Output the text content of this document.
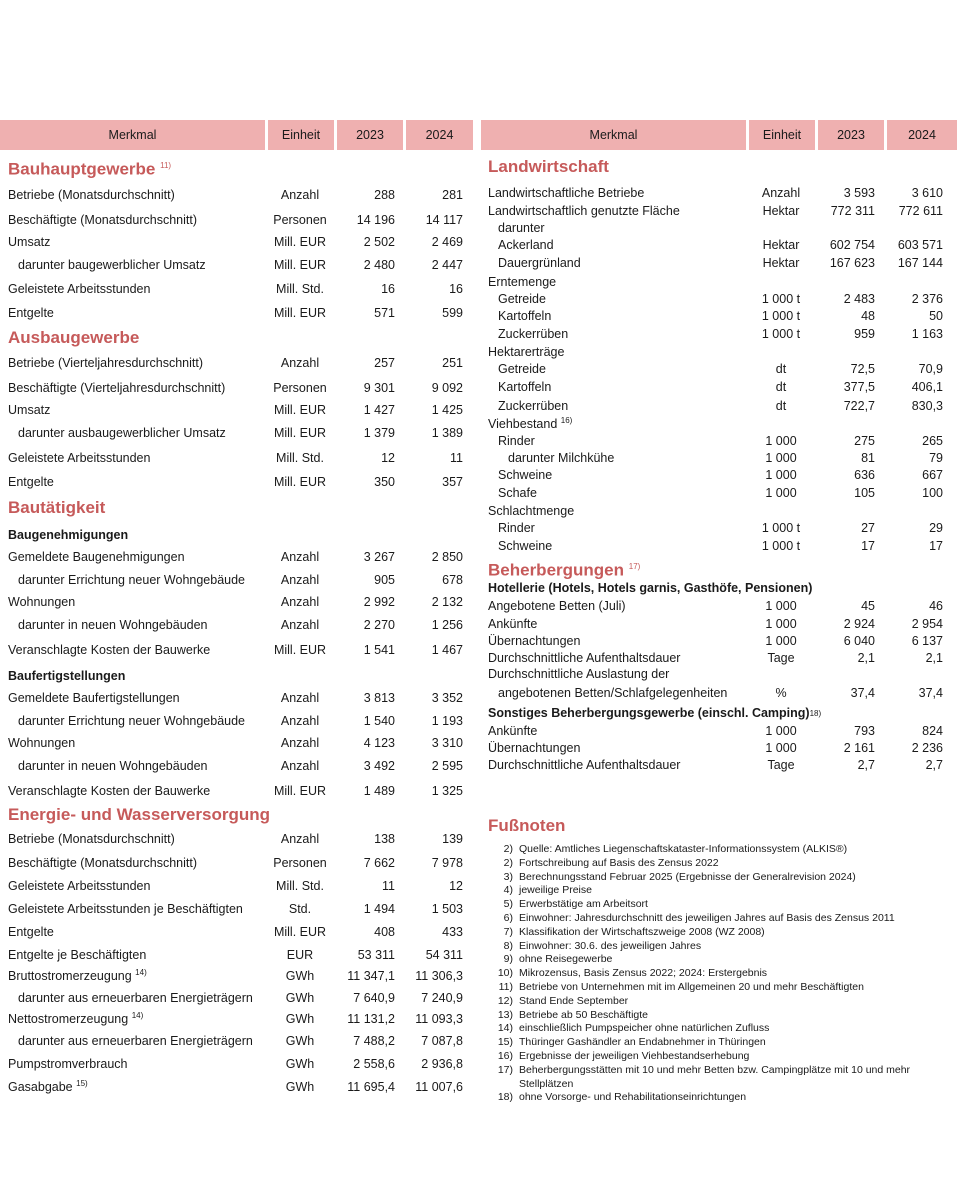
Merkmal	Einheit	2023	2024	Merkmal	Einheit	2023	2024
Bauhauptgewerbe $^{11)}$
Betriebe (Monatsdurchschnitt)	Anzahl	288	281
Beschäftigte (Monatsdurchschnitt)	Personen	14 196	14 117
Umsatz	Mill. EUR	2 502	2 469
darunter baugewerblicher Umsatz	Mill. EUR	2 480	2 447
Geleistete Arbeitsstunden	Mill. Std.	16	16
Entgelte	Mill. EUR	571	599
Ausbaugewerbe
Betriebe (Vierteljahresdurchschnitt)	Anzahl	257	251
Beschäftigte (Vierteljahresdurchschnitt)	Personen	9 301	9 092
Umsatz	Mill. EUR	1 427	1 425
darunter ausbaugewerblicher Umsatz	Mill. EUR	1 379	1 389
Geleistete Arbeitsstunden	Mill. Std.	12	11
Entgelte	Mill. EUR	350	357
Bautätigkeit
Baugenehmigungen
Gemeldete Baugenehmigungen	Anzahl	3 267	2 850
darunter Errichtung neuer Wohngebäude	Anzahl	905	678
Wohnungen	Anzahl	2 992	2 132
darunter in neuen Wohngebäuden	Anzahl	2 270	1 256
Veranschlagte Kosten der Bauwerke	Mill. EUR	1 541	1 467
Baufertigstellungen
Gemeldete Baufertigstellungen	Anzahl	3 813	3 352
darunter Errichtung neuer Wohngebäude	Anzahl	1 540	1 193
Wohnungen	Anzahl	4 123	3 310
darunter in neuen Wohngebäuden	Anzahl	3 492	2 595
Veranschlagte Kosten der Bauwerke	Mill. EUR	1 489	1 325
Energie- und Wasserversorgung
Betriebe (Monatsdurchschnitt)	Anzahl	138	139
Beschäftigte (Monatsdurchschnitt)	Personen	7 662	7 978
Geleistete Arbeitsstunden	Mill. Std.	11	12
Geleistete Arbeitsstunden je Beschäftigten	Std.	1 494	1 503
Entgelte	Mill. EUR	408	433
Entgelte je Beschäftigten	EUR	53 311	54 311
Bruttostromerzeugung $^{14)}$	GWh	11 347,1	11 306,3
darunter aus erneuerbaren Energieträgern	GWh	7 640,9	7 240,9
Nettostromerzeugung $^{14)}$	GWh	11 131,2	11 093,3
darunter aus erneuerbaren Energieträgern	GWh	7 488,2	7 087,8
Pumpstromverbrauch	GWh	2 558,6	2 936,8
Gasabgabe $^{15)}$	GWh	11 695,4	11 007,6
Landwirtschaft
Landwirtschaftliche Betriebe	Anzahl	3 593	3 610
Landwirtschaftlich genutzte Fläche	Hektar	772 311	772 611
darunter
Ackerland	Hektar	602 754	603 571
Dauergrünland	Hektar	167 623	167 144
Erntemenge
Getreide	1 000 t	2 483	2 376
Kartoffeln	1 000 t	48	50
Zuckerrüben	1 000 t	959	1 163
Hektarerträge
Getreide	dt	72,5	70,9
Kartoffeln	dt	377,5	406,1
Zuckerrüben	dt	722,7	830,3
Viehbestand $^{16)}$
Rinder	1 000	275	265
darunter Milchkühe	1 000	81	79
Schweine	1 000	636	667
Schafe	1 000	105	100
Schlachtmenge
Rinder	1 000 t	27	29
Schweine	1 000 t	17	17
Beherbergungen $^{17)}$
Hotellerie (Hotels, Hotels garnis, Gasthöfe, Pensionen)
Angebotene Betten (Juli)	1 000	45	46
Ankünfte	1 000	2 924	2 954
Übernachtungen	1 000	6 040	6 137
Durchschnittliche Aufenthaltsdauer	Tage	2,1	2,1
Durchschnittliche Auslastung der
angebotenen Betten/Schlafgelegenheiten	%	37,4	37,4
Sonstiges Beherbergungsgewerbe (einschl. Camping) 18)
Ankünfte	1 000	793	824
Übernachtungen	1 000	2 161	2 236
Durchschnittliche Aufenthaltsdauer	Tage	2,7	2,7
Fußnoten
2) Quelle: Amtliches Liegenschaftskataster-Informationssystem (ALKIS®)
2) Fortschreibung auf Basis des Zensus 2022
3) Berechnungsstand Februar 2025 (Ergebnisse der Generalrevision 2024)
4) jeweilige Preise
5) Erwerbstätige am Arbeitsort
6) Einwohner: Jahresdurchschnitt des jeweiligen Jahres auf Basis des Zensus 2011
7) Klassifikation der Wirtschaftszweige 2008 (WZ 2008)
8) Einwohner: 30.6. des jeweiligen Jahres
9) ohne Reisegewerbe
10) Mikrozensus, Basis Zensus 2022; 2024: Erstergebnis
11) Betriebe von Unternehmen mit im Allgemeinen 20 und mehr Beschäftigten
12) Stand Ende September
13) Betriebe ab 50 Beschäftigte
14) einschließlich Pumpspeicher ohne natürlichen Zufluss
15) Thüringer Gashändler an Endabnehmer in Thüringen
16) Ergebnisse der jeweiligen Viehbestandserhebung
17) Beherbergungsstätten mit 10 und mehr Betten bzw. Campingplätze mit 10 und mehr Stellplätzen
18) ohne Vorsorge- und Rehabilitationseinrichtungen
